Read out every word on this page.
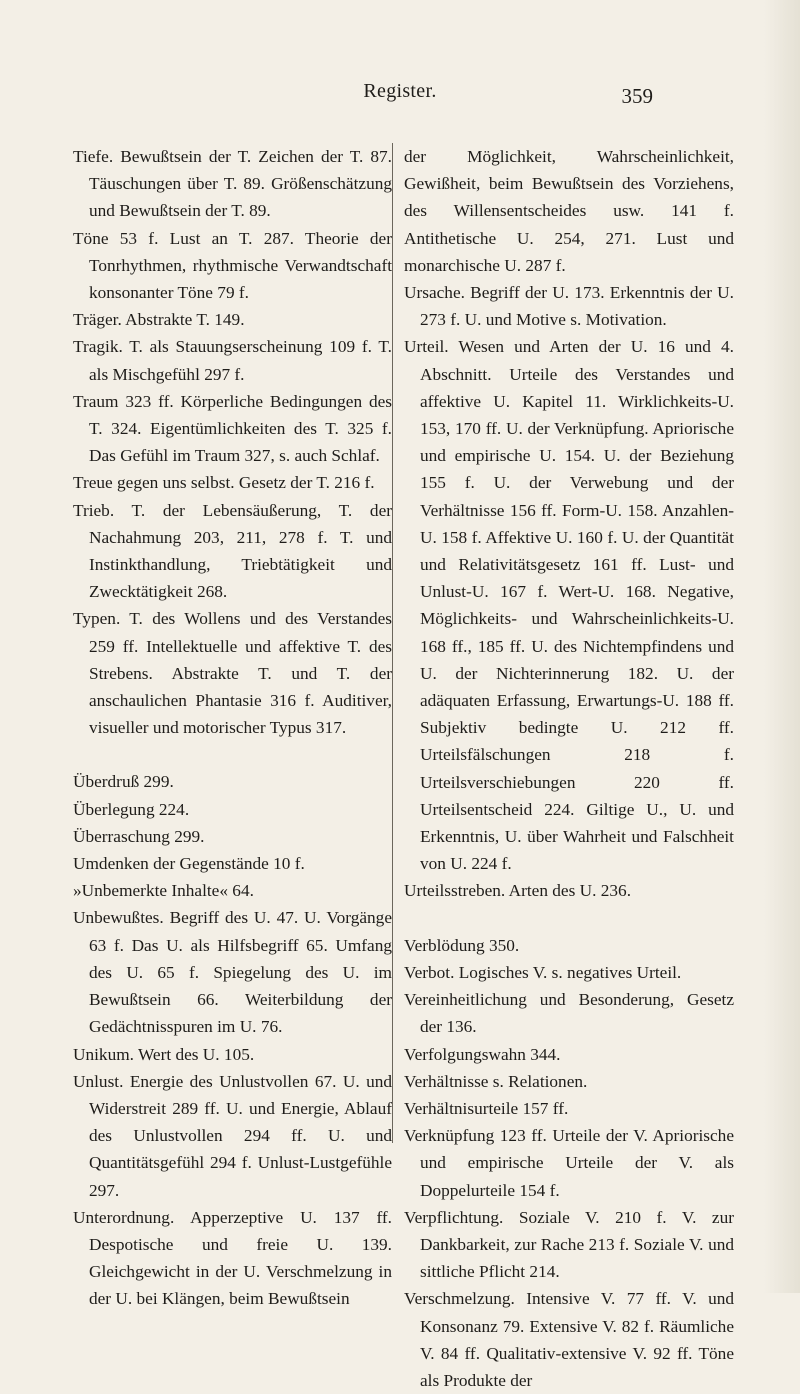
Register.	359

Tiefe. Bewußtsein der T. Zeichen der T. 87. Täuschungen über T. 89. Größenschätzung und Bewußtsein der T. 89.

Töne 53 f. Lust an T. 287. Theorie der Tonrhythmen, rhythmische Verwandtschaft konsonanter Töne 79 f.

Träger. Abstrakte T. 149.

Tragik. T. als Stauungserscheinung 109 f. T. als Mischgefühl 297 f.

Traum 323 ff. Körperliche Bedingungen des T. 324. Eigentümlichkeiten des T. 325 f. Das Gefühl im Traum 327, s. auch Schlaf.

Treue gegen uns selbst. Gesetz der T. 216 f.

Trieb. T. der Lebensäußerung, T. der Nachahmung 203, 211, 278 f. T. und Instinkthandlung, Triebtätigkeit und Zwecktätigkeit 268.

Typen. T. des Wollens und des Verstandes 259 ff. Intellektuelle und affektive T. des Strebens. Abstrakte T. und T. der anschaulichen Phantasie 316 f. Auditiver, visueller und motorischer Typus 317.

Überdruß 299.

Überlegung 224.

Überraschung 299.

Umdenken der Gegenstände 10 f.

»Unbemerkte Inhalte« 64.

Unbewußtes. Begriff des U. 47. U. Vorgänge 63 f. Das U. als Hilfsbegriff 65. Umfang des U. 65 f. Spiegelung des U. im Bewußtsein 66. Weiterbildung der Gedächtnisspuren im U. 76.

Unikum. Wert des U. 105.

Unlust. Energie des Unlustvollen 67. U. und Widerstreit 289 ff. U. und Energie, Ablauf des Unlustvollen 294 ff. U. und Quantitätsgefühl 294 f. Unlust-Lustgefühle 297.

Unterordnung. Apperzeptive U. 137 ff. Despotische und freie U. 139. Gleichgewicht in der U. Verschmelzung in der U. bei Klängen, beim Bewußtsein

der Möglichkeit, Wahrscheinlichkeit, Gewißheit, beim Bewußtsein des Vorziehens, des Willensentscheides usw. 141 f. Antithetische U. 254, 271. Lust und monarchische U. 287 f.

Ursache. Begriff der U. 173. Erkenntnis der U. 273 f. U. und Motive s. Motivation.

Urteil. Wesen und Arten der U. 16 und 4. Abschnitt. Urteile des Verstandes und affektive U. Kapitel 11. Wirklichkeits-U. 153, 170 ff. U. der Verknüpfung. Apriorische und empirische U. 154. U. der Beziehung 155 f. U. der Verwebung und der Verhältnisse 156 ff. Form-U. 158. Anzahlen-U. 158 f. Affektive U. 160 f. U. der Quantität und Relativitätsgesetz 161 ff. Lust- und Unlust-U. 167 f. Wert-U. 168. Negative, Möglichkeits- und Wahrscheinlichkeits-U. 168 ff., 185 ff. U. des Nichtempfindens und U. der Nichterinnerung 182. U. der adäquaten Erfassung, Erwartungs-U. 188 ff. Subjektiv bedingte U. 212 ff. Urteilsfälschungen 218 f. Urteilsverschiebungen 220 ff. Urteilsentscheid 224. Giltige U., U. und Erkenntnis, U. über Wahrheit und Falschheit von U. 224 f.

Urteilsstreben. Arten des U. 236.

Verblödung 350.

Verbot. Logisches V. s. negatives Urteil.

Vereinheitlichung und Besonderung, Gesetz der 136.

Verfolgungswahn 344.

Verhältnisse s. Relationen.

Verhältnisurteile 157 ff.

Verknüpfung 123 ff. Urteile der V. Apriorische und empirische Urteile der V. als Doppelurteile 154 f.

Verpflichtung. Soziale V. 210 f. V. zur Dankbarkeit, zur Rache 213 f. Soziale V. und sittliche Pflicht 214.

Verschmelzung. Intensive V. 77 ff. V. und Konsonanz 79. Extensive V. 82 f. Räumliche V. 84 ff. Qualitativ-extensive V. 92 ff. Töne als Produkte der
